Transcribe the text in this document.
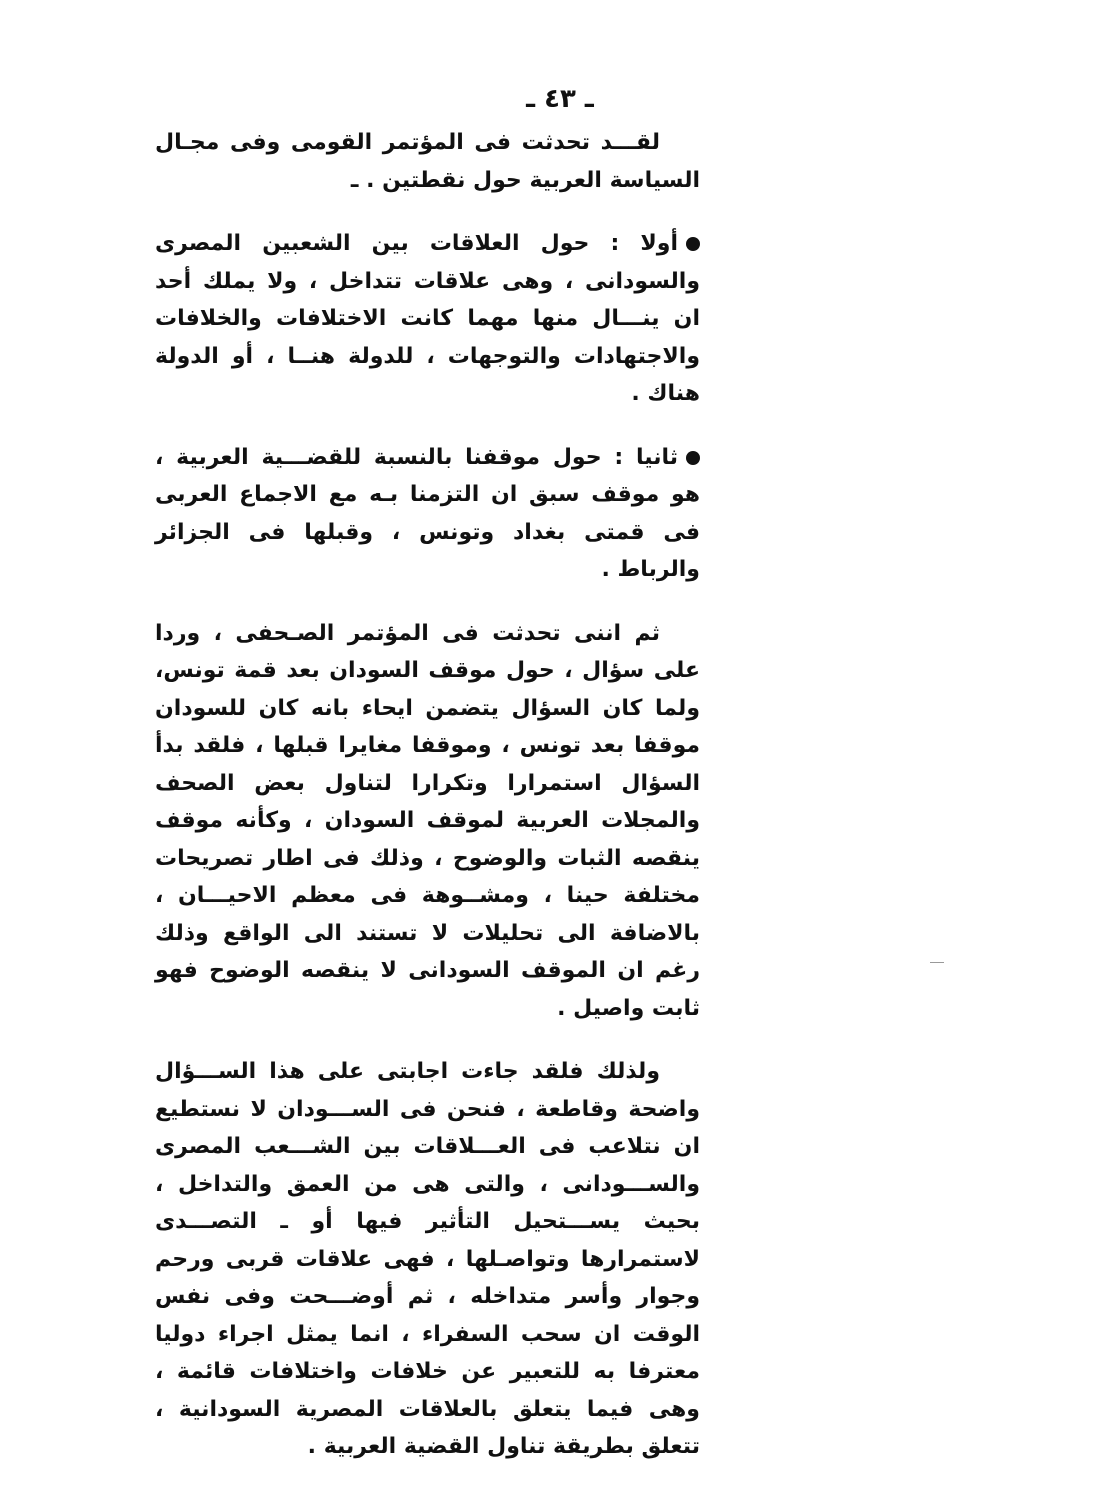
ـ ٤٣ ـ

لقـــد تحدثت فى المؤتمر القومى وفى مجـال السياسة العربية حول نقطتين . ـ

أولا : حول العلاقات بين الشعبين المصرى والسودانى ، وهى علاقات تتداخل ، ولا يملك أحد ان ينـــال منها مهما كانت الاختلافات والخلافات والاجتهادات والتوجهات ، للدولة هنــا ، أو الدولة هناك .

ثانيا : حول موقفنا بالنسبة للقضـــية العربية ، هو موقف سبق ان التزمنا بـه مع الاجماع العربى فى قمتى بغداد وتونس ، وقبلها فى الجزائر والرباط .

ثم اننى تحدثت فى المؤتمر الصـحفى ، وردا على سؤال ، حول موقف السودان بعد قمة تونس، ولما كان السؤال يتضمن ايحاء بانه كان للسودان موقفا بعد تونس ، وموقفا مغايرا قبلها ، فلقد بدأ السؤال استمرارا وتكرارا لتناول بعض الصحف والمجلات العربية لموقف السودان ، وكأنه موقف ينقصه الثبات والوضوح ، وذلك فى اطار تصريحات مختلفة حينا ، ومشــوهة فى معظم الاحيـــان ، بالاضافة الى تحليلات لا تستند الى الواقع وذلك رغم ان الموقف السودانى لا ينقصه الوضوح فهو ثابت واصيل .

ولذلك فلقد جاءت اجابتى على هذا الســـؤال واضحة وقاطعة ، فنحن فى الســـودان لا نستطيع ان نتلاعب فى العـــلاقات بين الشـــعب المصرى والســـودانى ، والتى هى من العمق والتداخل ، بحيث يســـتحيل التأثير فيها أو ـ التصـــدى لاستمرارها وتواصـلها ، فهى علاقات قربى ورحم وجوار وأسر متداخله ، ثم أوضـــحت وفى نفس الوقت ان سحب السفراء ، انما يمثل اجراء دوليا معترفا به للتعبير عن خلافات واختلافات قائمة ، وهى فيما يتعلق بالعلاقات المصرية السودانية ، تتعلق بطريقة تناول القضية العربية .
